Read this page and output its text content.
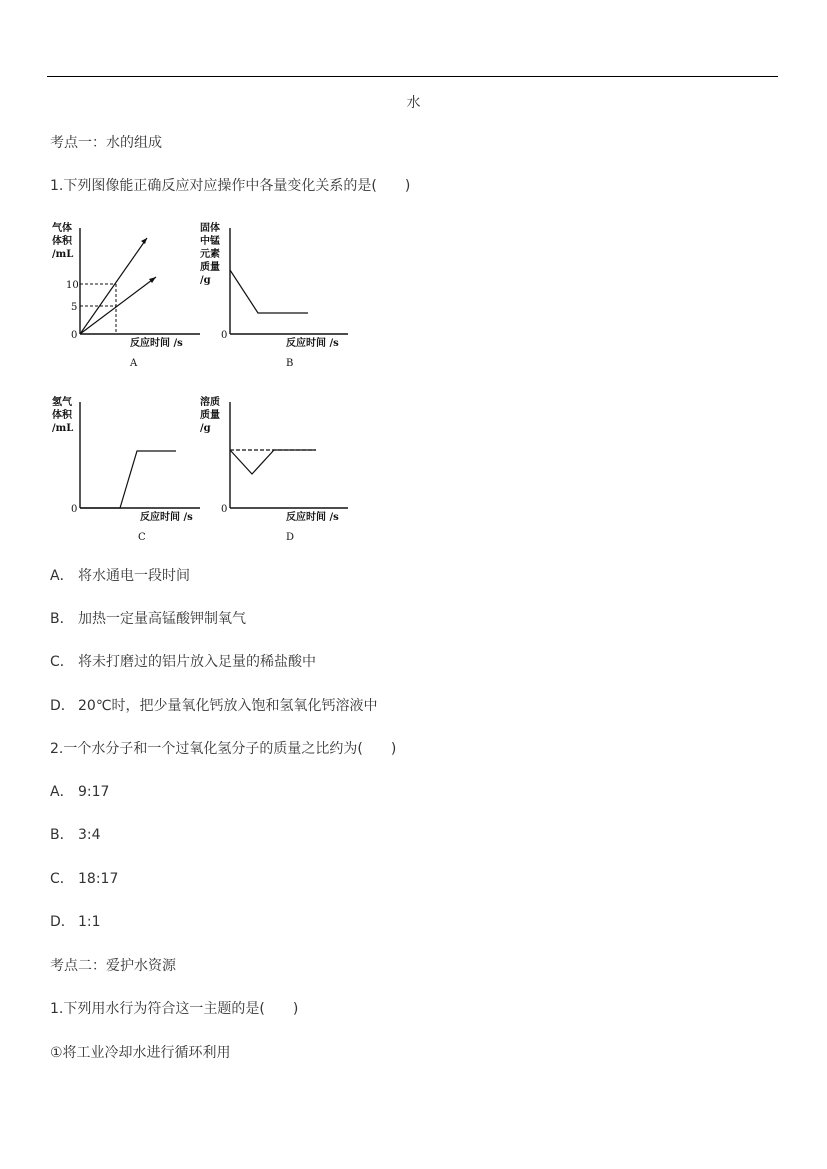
水
考点一：水的组成
1.下列图像能正确反应对应操作中各量变化关系的是(　　)
气体
体积
/mL
0
5
10
反应时间 /s
A
固体
中锰
元素
质量
/g
0
反应时间 /s
B
氢气
体积
/mL
0
反应时间 /s
C
溶质
质量
/g
0
反应时间 /s
D
A． 将水通电一段时间
B． 加热一定量高锰酸钾制氧气
C． 将未打磨过的铝片放入足量的稀盐酸中
D． 20℃时，把少量氧化钙放入饱和氢氧化钙溶液中
2.一个水分子和一个过氧化氢分子的质量之比约为(　　)
A． 9:17
B． 3:4
C． 18:17
D． 1:1
考点二：爱护水资源
1.下列用水行为符合这一主题的是(　　)
①将工业冷却水进行循环利用
